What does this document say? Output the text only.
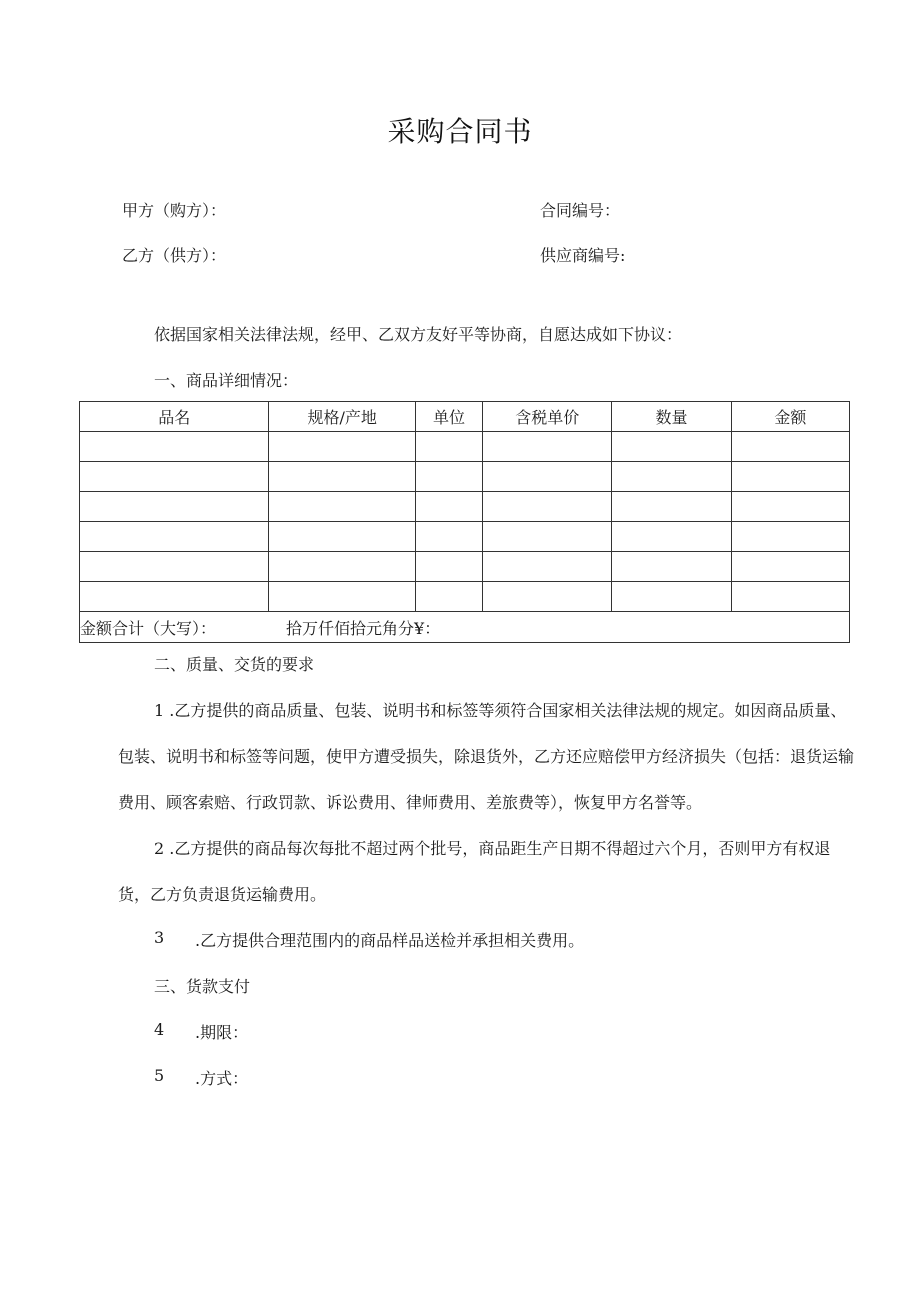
采购合同书
甲方（购方）：	合同编号：
乙方（供方）：	供应商编号:
依据国家相关法律法规，经甲、乙双方友好平等协商，自愿达成如下协议：
一、商品详细情况：
品名	规格/产地	单位	含税单价	数量	金额

金额合计（大写）： 拾万仟佰拾元角分¥：					
二、质量、交货的要求
1 .乙方提供的商品质量、包装、说明书和标签等须符合国家相关法律法规的规定。如因商品质量、包装、说明书和标签等问题，使甲方遭受损失，除退货外，乙方还应赔偿甲方经济损失（包括：退货运输费用、顾客索赔、行政罚款、诉讼费用、律师费用、差旅费等），恢复甲方名誉等。
2 .乙方提供的商品每次每批不超过两个批号，商品距生产日期不得超过六个月，否则甲方有权退货，乙方负责退货运输费用。
3 .乙方提供合理范围内的商品样品送检并承担相关费用。
三、货款支付
4 .期限：
5 .方式：
